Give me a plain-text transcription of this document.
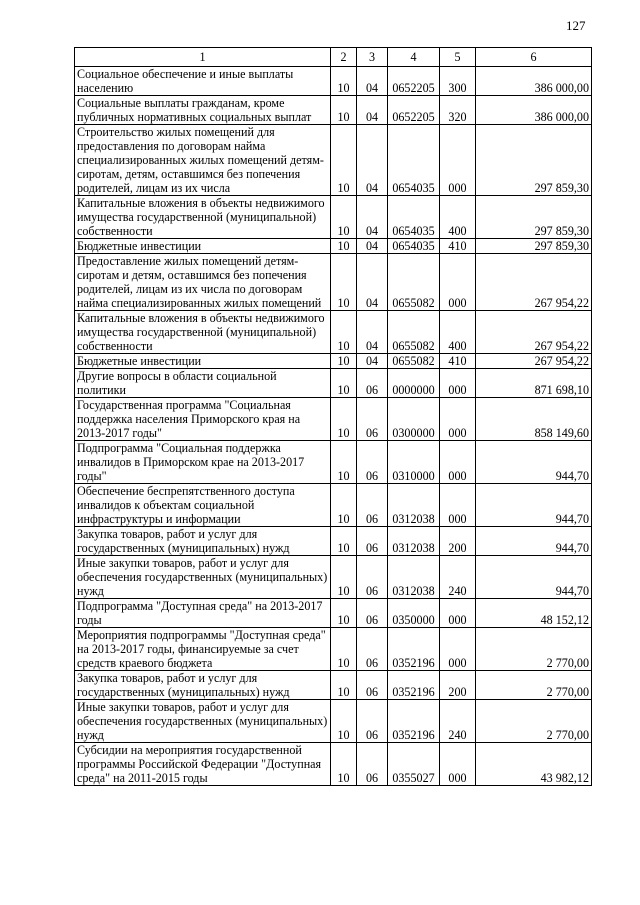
127
1	2	3	4	5	6
Социальное обеспечение и иные выплаты населению	10	04	0652205	300	386 000,00
Социальные выплаты гражданам, кроме публичных нормативных социальных выплат	10	04	0652205	320	386 000,00
Строительство жилых помещений для предоставления по договорам найма специализированных жилых помещений детям-сиротам, детям, оставшимся без попечения родителей, лицам из их числа	10	04	0654035	000	297 859,30
Капитальные вложения в объекты недвижимого имущества государственной (муниципальной) собственности	10	04	0654035	400	297 859,30
Бюджетные инвестиции	10	04	0654035	410	297 859,30
Предоставление жилых помещений детям-сиротам и детям, оставшимся без попечения родителей, лицам из их числа по договорам найма специализированных жилых помещений	10	04	0655082	000	267 954,22
Капитальные вложения в объекты недвижимого имущества государственной (муниципальной) собственности	10	04	0655082	400	267 954,22
Бюджетные инвестиции	10	04	0655082	410	267 954,22
Другие вопросы в области социальной политики	10	06	0000000	000	871 698,10
Государственная программа "Социальная поддержка населения Приморского края на 2013-2017 годы"	10	06	0300000	000	858 149,60
Подпрограмма "Социальная поддержка инвалидов в Приморском крае на 2013-2017 годы"	10	06	0310000	000	944,70
Обеспечение беспрепятственного доступа инвалидов к объектам социальной инфраструктуры и информации	10	06	0312038	000	944,70
Закупка товаров, работ и услуг для государственных (муниципальных) нужд	10	06	0312038	200	944,70
Иные закупки товаров, работ и услуг для обеспечения государственных (муниципальных) нужд	10	06	0312038	240	944,70
Подпрограмма "Доступная среда" на 2013-2017 годы	10	06	0350000	000	48 152,12
Мероприятия подпрограммы "Доступная среда" на 2013-2017 годы, финансируемые за счет средств краевого бюджета	10	06	0352196	000	2 770,00
Закупка товаров, работ и услуг для государственных (муниципальных) нужд	10	06	0352196	200	2 770,00
Иные закупки товаров, работ и услуг для обеспечения государственных (муниципальных) нужд	10	06	0352196	240	2 770,00
Субсидии на мероприятия государственной программы Российской Федерации "Доступная среда" на 2011-2015 годы	10	06	0355027	000	43 982,12
